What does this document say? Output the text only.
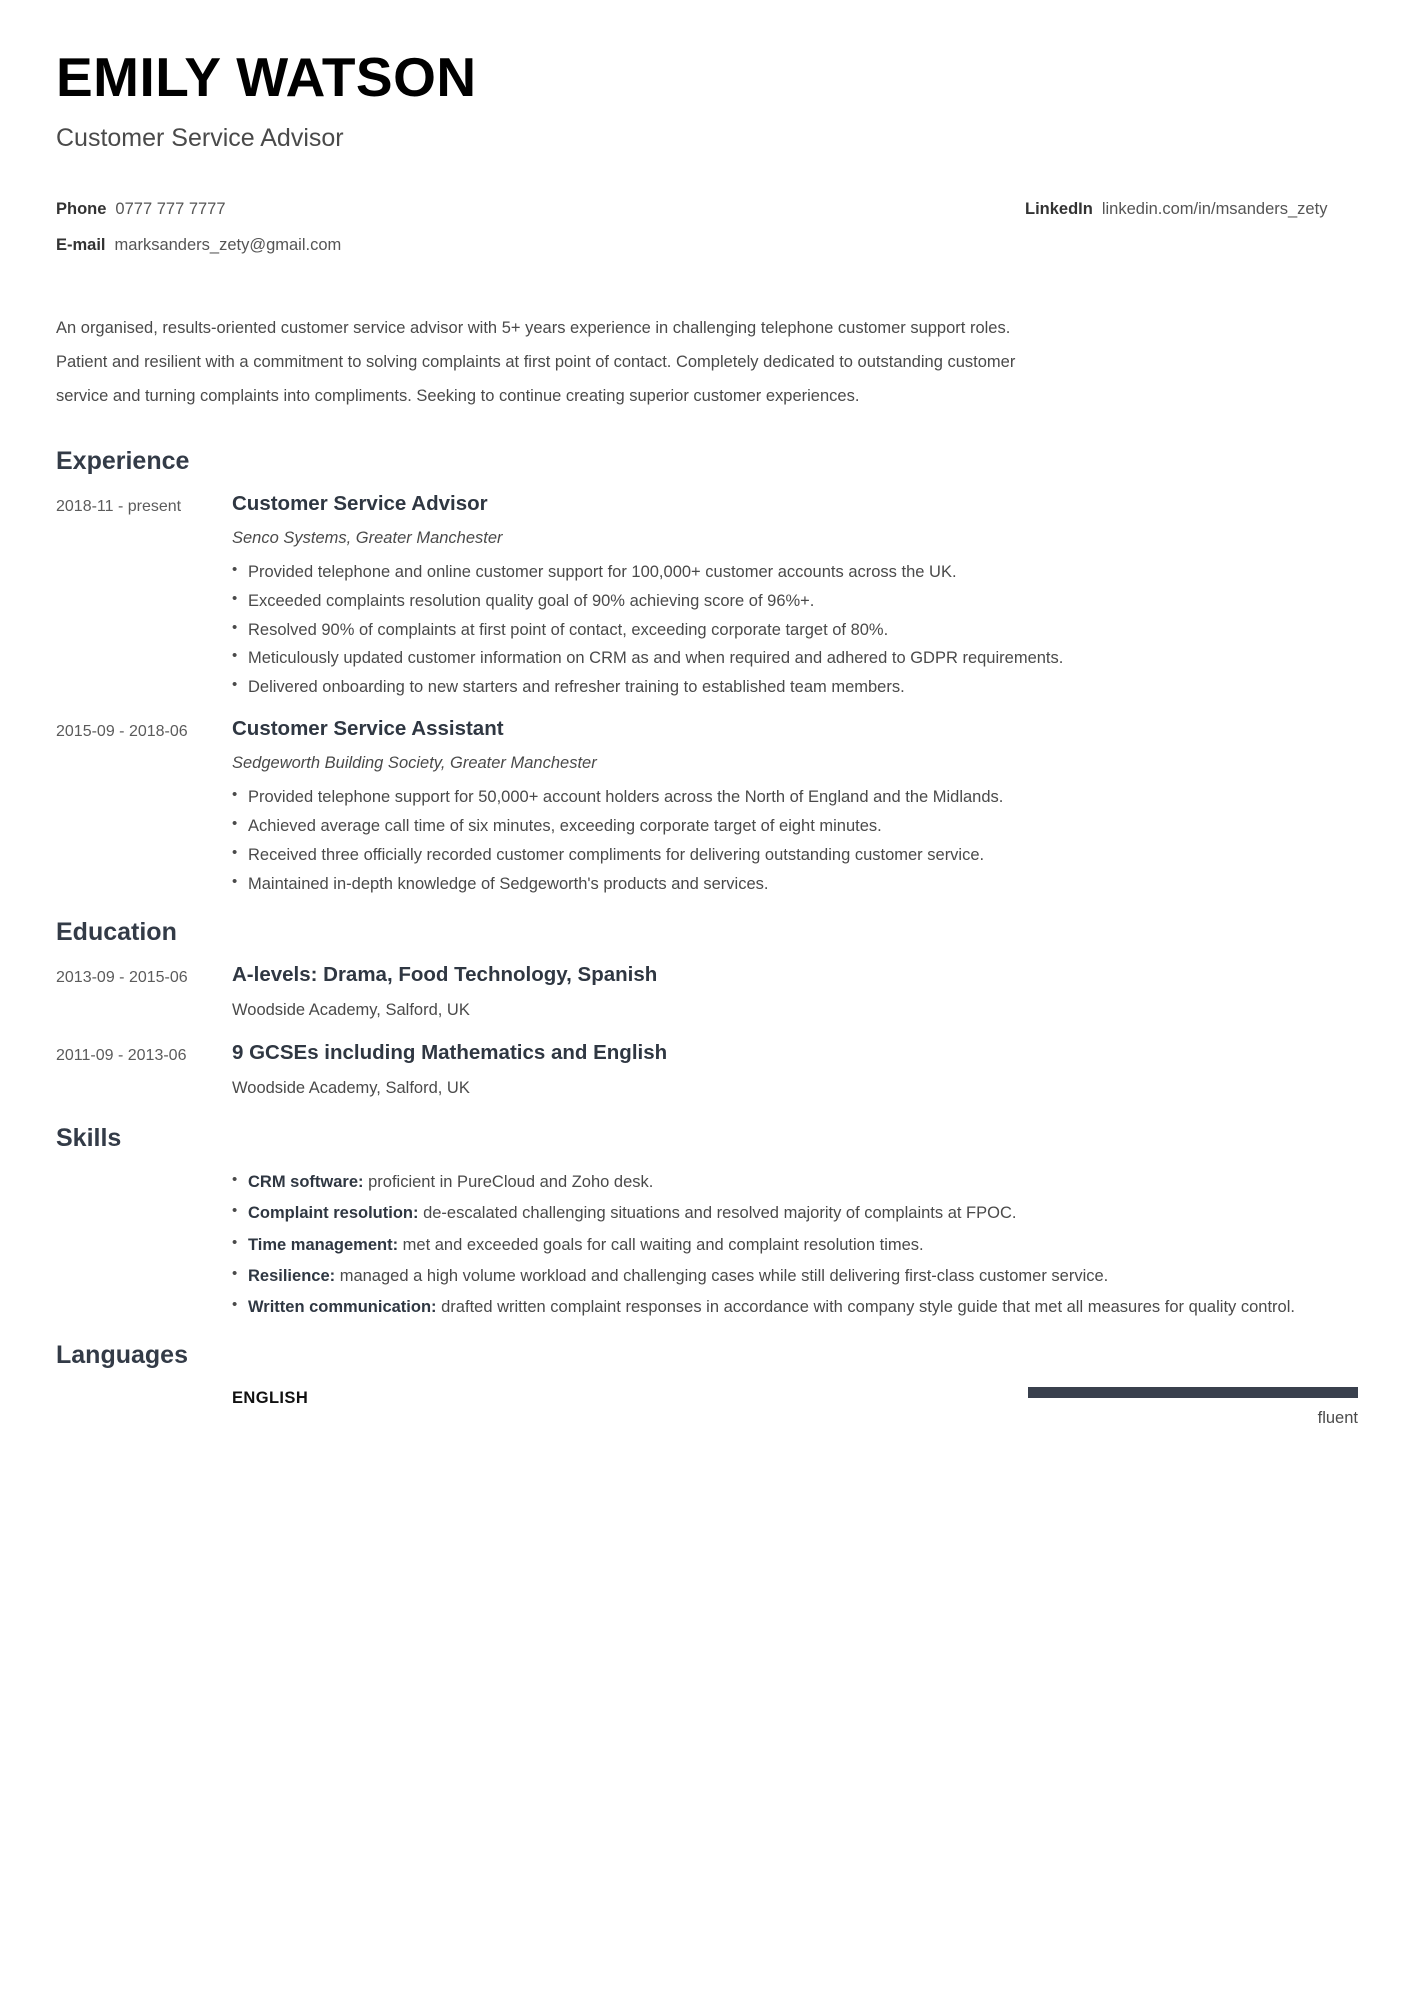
EMILY WATSON
Customer Service Advisor
Phone 0777 777 7777	LinkedIn linkedin.com/in/msanders_zety
E-mail marksanders_zety@gmail.com

An organised, results-oriented customer service advisor with 5+ years experience in challenging telephone customer support roles. Patient and resilient with a commitment to solving complaints at first point of contact. Completely dedicated to outstanding customer service and turning complaints into compliments. Seeking to continue creating superior customer experiences.

Experience
2018-11 - present	Customer Service Advisor
Senco Systems, Greater Manchester
• Provided telephone and online customer support for 100,000+ customer accounts across the UK.
• Exceeded complaints resolution quality goal of 90% achieving score of 96%+.
• Resolved 90% of complaints at first point of contact, exceeding corporate target of 80%.
• Meticulously updated customer information on CRM as and when required and adhered to GDPR requirements.
• Delivered onboarding to new starters and refresher training to established team members.
2015-09 - 2018-06	Customer Service Assistant
Sedgeworth Building Society, Greater Manchester
• Provided telephone support for 50,000+ account holders across the North of England and the Midlands.
• Achieved average call time of six minutes, exceeding corporate target of eight minutes.
• Received three officially recorded customer compliments for delivering outstanding customer service.
• Maintained in-depth knowledge of Sedgeworth's products and services.
Education
2013-09 - 2015-06	A-levels: Drama, Food Technology, Spanish
Woodside Academy, Salford, UK
2011-09 - 2013-06	9 GCSEs including Mathematics and English
Woodside Academy, Salford, UK
Skills
• CRM software: proficient in PureCloud and Zoho desk.
• Complaint resolution: de-escalated challenging situations and resolved majority of complaints at FPOC.
• Time management: met and exceeded goals for call waiting and complaint resolution times.
• Resilience: managed a high volume workload and challenging cases while still delivering first-class customer service.
• Written communication: drafted written complaint responses in accordance with company style guide that met all measures for quality control.
Languages
ENGLISH
fluent
